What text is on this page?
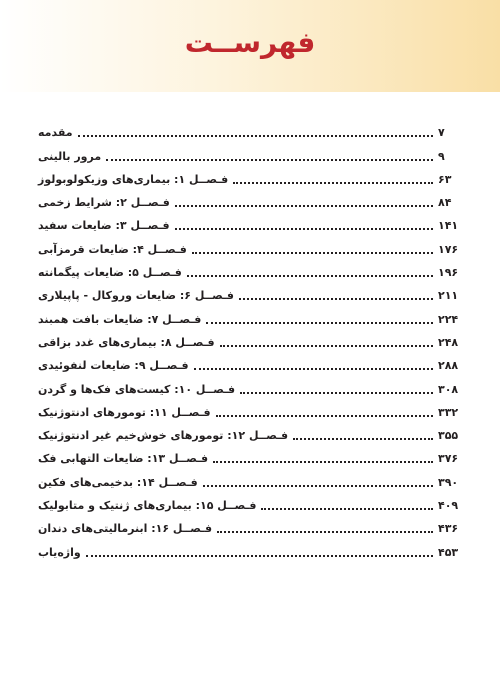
فهرســت
مقدمه	۷
مرور بالینی	۹
فـصــل ۱: بیماری‌های وزیکولوبولوز	۶۳
فـصــل ۲: شرایط زخمی	۸۴
فـصــل ۳: ضایعات سفید	۱۴۱
فـصــل ۴: ضایعات قرمزآبی	۱۷۶
فـصــل ۵: ضایعات پیگمانته	۱۹۶
فـصــل ۶: ضایعات وروکال - پاپیلاری	۲۱۱
فـصــل ۷: ضایعات بافت همبند	۲۲۴
فـصــل ۸: بیماری‌های غدد بزاقی	۲۴۸
فـصــل ۹: ضایعات لنفوئیدی	۲۸۸
فـصــل ۱۰: کیست‌های فک‌ها و گردن	۳۰۸
فـصــل ۱۱: تومورهای ادنتوژنیک	۳۳۲
فـصــل ۱۲: تومورهای خوش‌خیم غیر ادنتوژنیک	۳۵۵
فـصــل ۱۳: ضایعات التهابی فک	۳۷۶
فـصــل ۱۴: بدخیمی‌های فکین	۳۹۰
فـصــل ۱۵: بیماری‌های ژنتیک و متابولیک	۴۰۹
فـصــل ۱۶: ابنرمالیتی‌های دندان	۴۳۶
واژه‌یاب	۴۵۳
